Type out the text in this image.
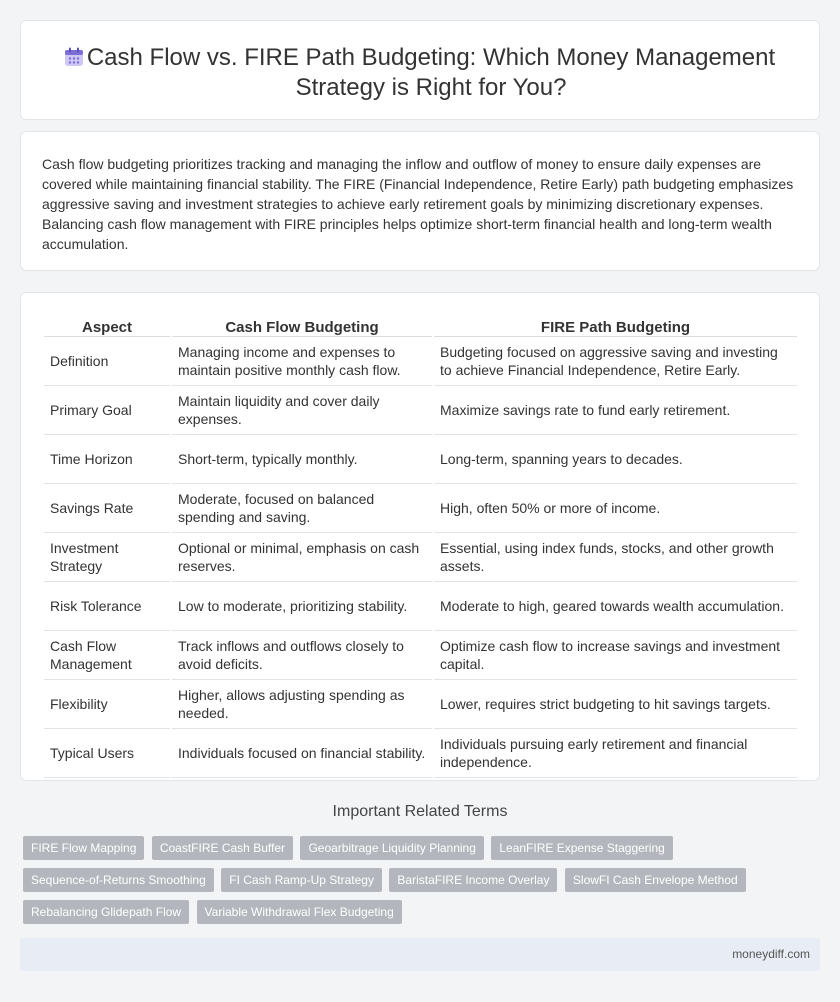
Cash Flow vs. FIRE Path Budgeting: Which Money Management Strategy is Right for You?

Cash flow budgeting prioritizes tracking and managing the inflow and outflow of money to ensure daily expenses are covered while maintaining financial stability. The FIRE (Financial Independence, Retire Early) path budgeting emphasizes aggressive saving and investment strategies to achieve early retirement goals by minimizing discretionary expenses. Balancing cash flow management with FIRE principles helps optimize short-term financial health and long-term wealth accumulation.

Aspect	Cash Flow Budgeting	FIRE Path Budgeting
Definition	Managing income and expenses to maintain positive monthly cash flow.	Budgeting focused on aggressive saving and investing to achieve Financial Independence, Retire Early.
Primary Goal	Maintain liquidity and cover daily expenses.	Maximize savings rate to fund early retirement.
Time Horizon	Short-term, typically monthly.	Long-term, spanning years to decades.
Savings Rate	Moderate, focused on balanced spending and saving.	High, often 50% or more of income.
Investment Strategy	Optional or minimal, emphasis on cash reserves.	Essential, using index funds, stocks, and other growth assets.
Risk Tolerance	Low to moderate, prioritizing stability.	Moderate to high, geared towards wealth accumulation.
Cash Flow Management	Track inflows and outflows closely to avoid deficits.	Optimize cash flow to increase savings and investment capital.
Flexibility	Higher, allows adjusting spending as needed.	Lower, requires strict budgeting to hit savings targets.
Typical Users	Individuals focused on financial stability.	Individuals pursuing early retirement and financial independence.
Important Related Terms
FIRE Flow Mapping CoastFIRE Cash Buffer Geoarbitrage Liquidity Planning LeanFIRE Expense Staggering Sequence-of-Returns Smoothing FI Cash Ramp-Up Strategy BaristaFIRE Income Overlay SlowFI Cash Envelope Method Rebalancing Glidepath Flow Variable Withdrawal Flex Budgeting
moneydiff.com
